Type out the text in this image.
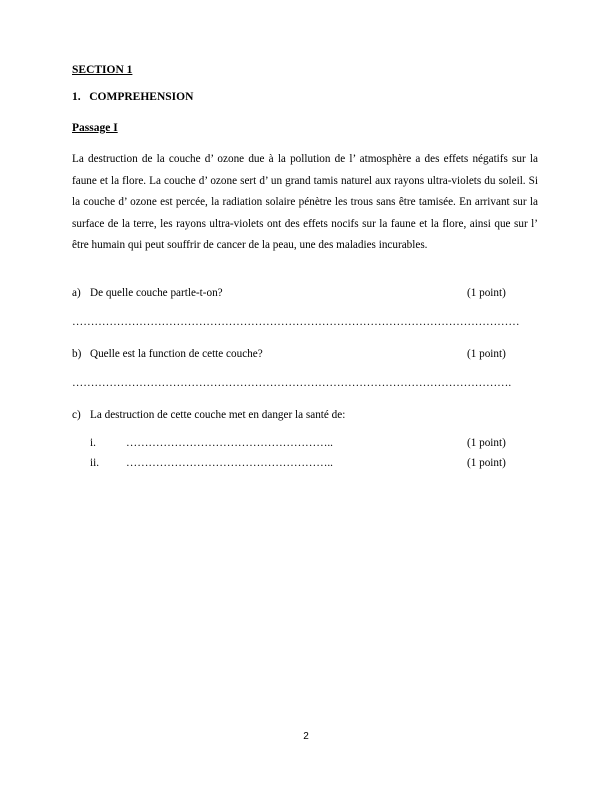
SECTION 1
1.   COMPREHENSION
Passage I

La destruction de la couche d’ ozone due à la pollution de l’ atmosphère a des effets négatifs sur la faune et la flore. La couche d’ ozone sert d’ un grand tamis naturel aux rayons ultra-violets du soleil. Si la couche d’ ozone est percée, la radiation solaire pénètre les trous sans être tamisée. En arrivant sur la surface de la terre, les rayons ultra-violets ont des effets nocifs sur la faune et la flore, ainsi que sur l’ être humain qui peut souffrir de cancer de la peau, une des maladies incurables.

a) De quelle couche partle-t-on?	(1 point)
…………………………………………………………………………………………………………
b) Quelle est la function de cette couche?	(1 point)
……………………………………………………………………………………………………….
c) La destruction de cette couche met en danger la santé de:
i.	………………………………………………..	(1 point)
ii. ………………………………………………..	(1 point)
2
